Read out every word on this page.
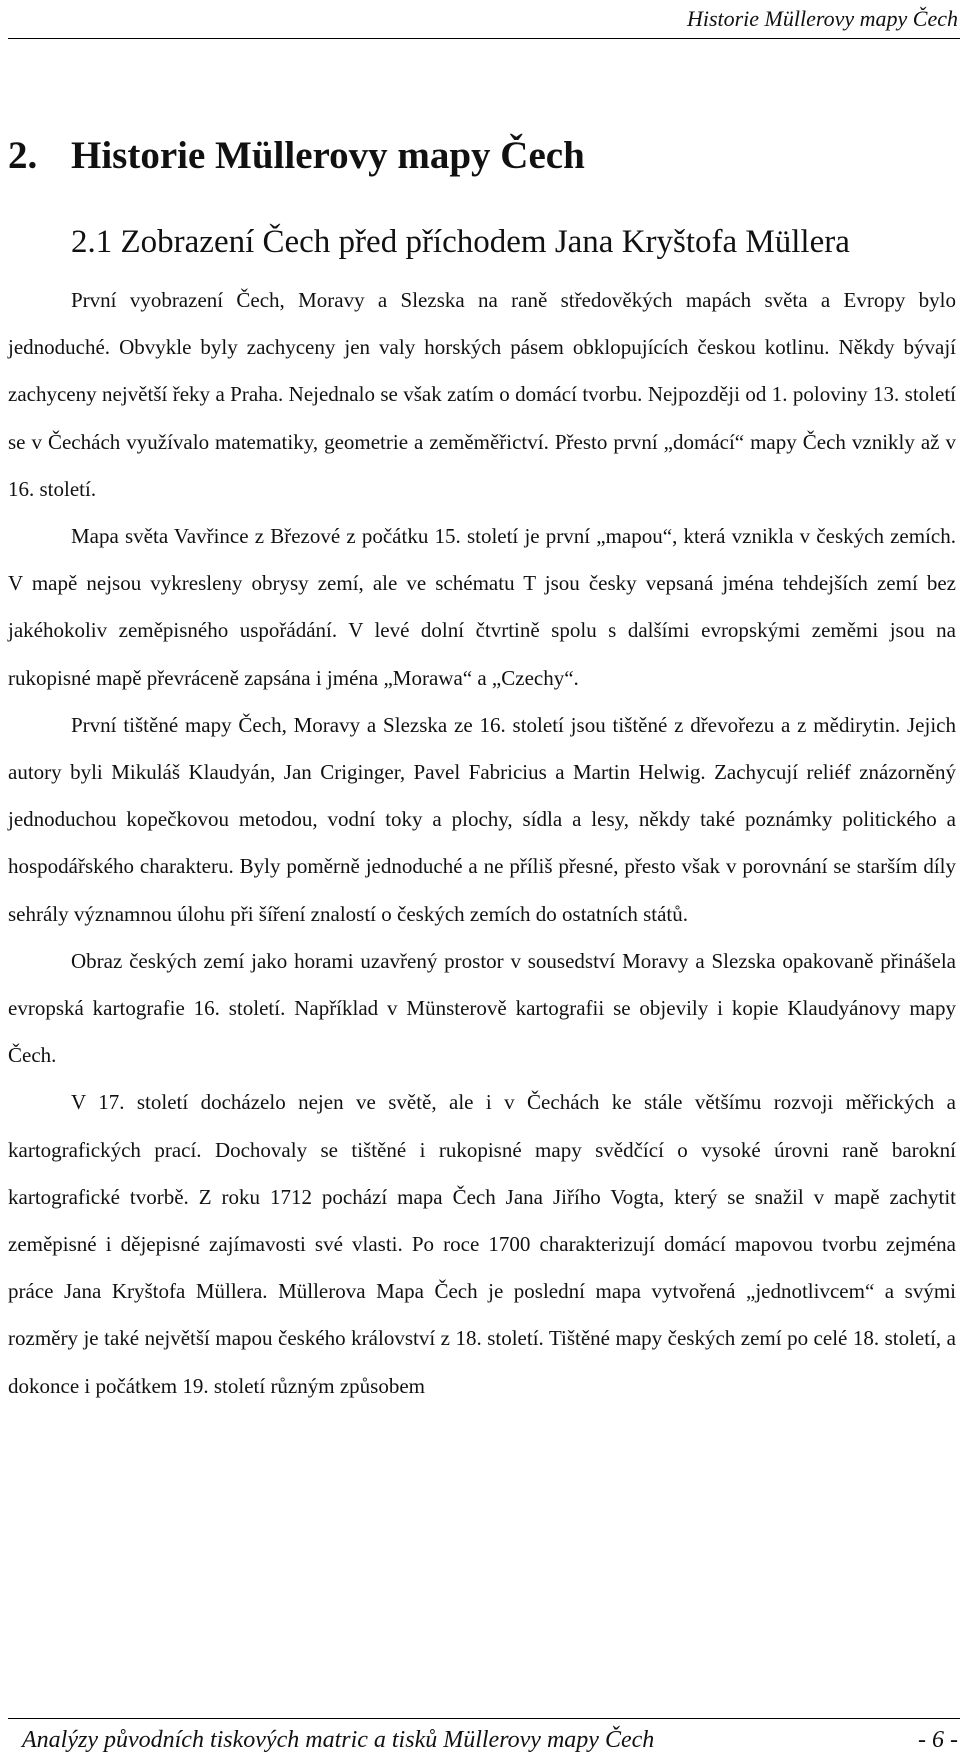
Historie Müllerovy mapy Čech
2. Historie Müllerovy mapy Čech
2.1 Zobrazení Čech před příchodem Jana Kryštofa Müllera

První vyobrazení Čech, Moravy a Slezska na raně středověkých mapách světa a Evropy bylo jednoduché. Obvykle byly zachyceny jen valy horských pásem obklopujících českou kotlinu. Někdy bývají zachyceny největší řeky a Praha. Nejednalo se však zatím o domácí tvorbu. Nejpozději od 1. poloviny 13. století se v Čechách využívalo matematiky, geometrie a zeměměřictví. Přesto první „domácí“ mapy Čech vznikly až v 16. století.

Mapa světa Vavřince z Březové z počátku 15. století je první „mapou“, která vznikla v českých zemích. V mapě nejsou vykresleny obrysy zemí, ale ve schématu T jsou česky vepsaná jména tehdejších zemí bez jakéhokoliv zeměpisného uspořádání. V levé dolní čtvrtině spolu s dalšími evropskými zeměmi jsou na rukopisné mapě převráceně zapsána i jména „Morawa“ a „Czechy“.

První tištěné mapy Čech, Moravy a Slezska ze 16. století jsou tištěné z dřevořezu a z mědirytin. Jejich autory byli Mikuláš Klaudyán, Jan Criginger, Pavel Fabricius a Martin Helwig. Zachycují reliéf znázorněný jednoduchou kopečkovou metodou, vodní toky a plochy, sídla a lesy, někdy také poznámky politického a hospodářského charakteru. Byly poměrně jednoduché a ne příliš přesné, přesto však v porovnání se starším díly sehrály významnou úlohu při šíření znalostí o českých zemích do ostatních států.

Obraz českých zemí jako horami uzavřený prostor v sousedství Moravy a Slezska opakovaně přinášela evropská kartografie 16. století. Například v Münsterově kartografii se objevily i kopie Klaudyánovy mapy Čech.

V 17. století docházelo nejen ve světě, ale i v Čechách ke stále většímu rozvoji měřických a kartografických prací. Dochovaly se tištěné i rukopisné mapy svědčící o vysoké úrovni raně barokní kartografické tvorbě. Z roku 1712 pochází mapa Čech Jana Jiřího Vogta, který se snažil v mapě zachytit zeměpisné i dějepisné zajímavosti své vlasti. Po roce 1700 charakterizují domácí mapovou tvorbu zejména práce Jana Kryštofa Müllera. Müllerova Mapa Čech je poslední mapa vytvořená „jednotlivcem“ a svými rozměry je také největší mapou českého království z 18. století. Tištěné mapy českých zemí po celé 18. století, a dokonce i počátkem 19. století různým způsobem

Analýzy původních tiskových matric a tisků Müllerovy mapy Čech	- 6 -
